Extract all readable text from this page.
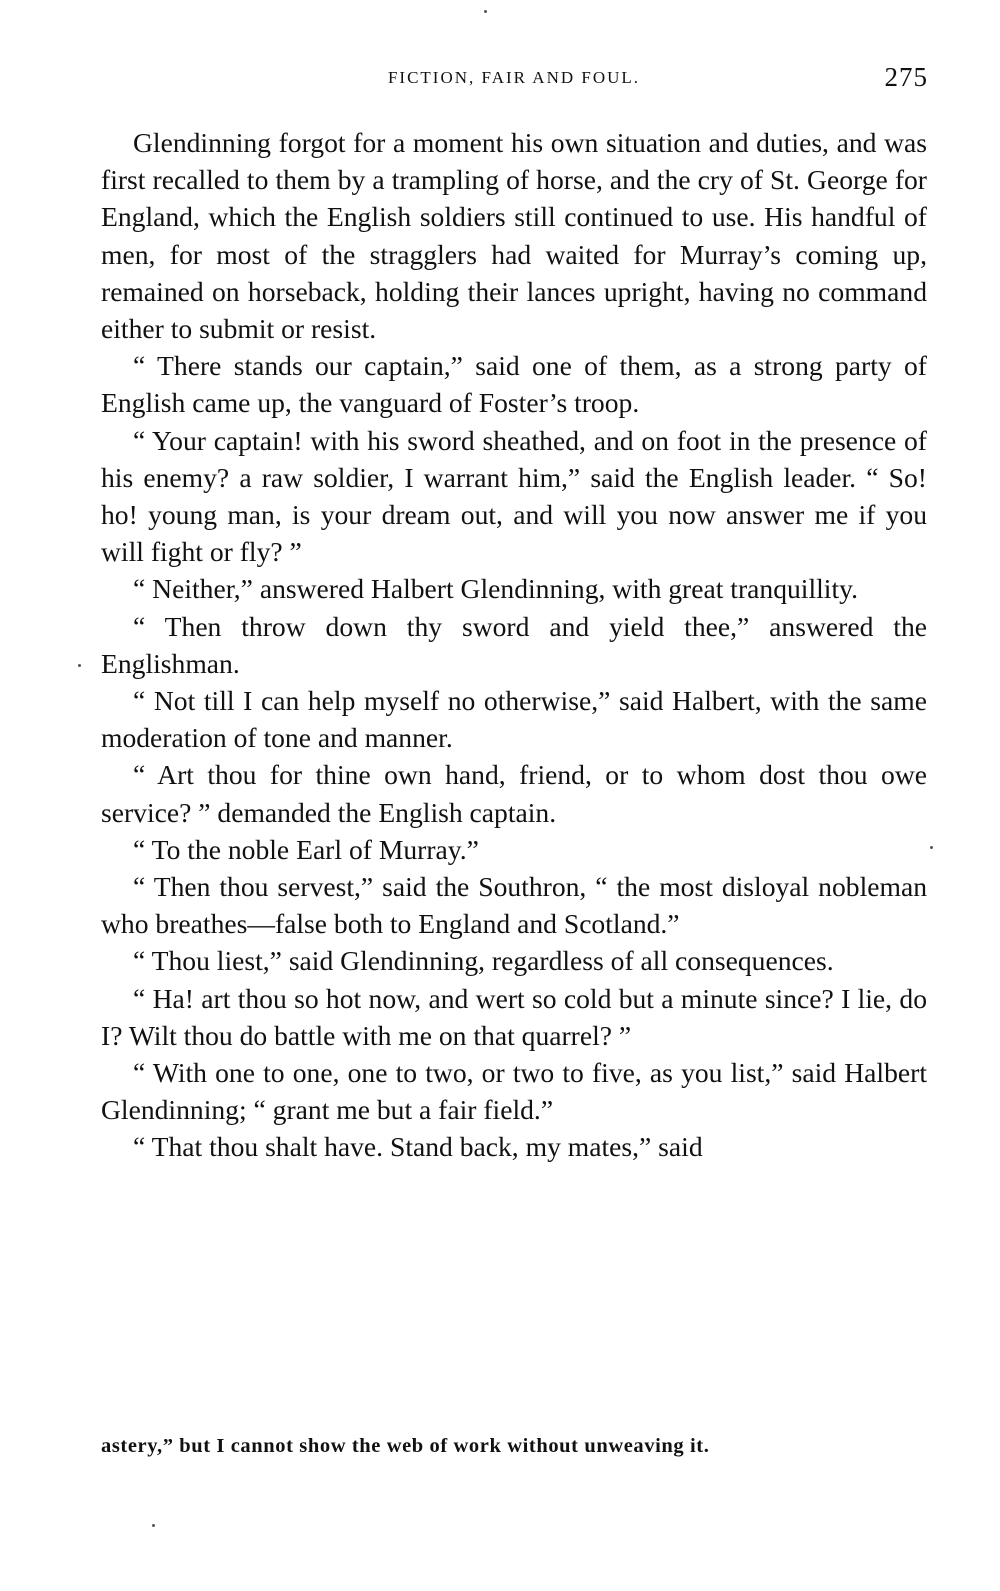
FICTION, FAIR AND FOUL.	275

Glendinning forgot for a moment his own situation and duties, and was first recalled to them by a trampling of horse, and the cry of St. George for England, which the English soldiers still continued to use. His handful of men, for most of the stragglers had waited for Murray’s coming up, remained on horseback, holding their lances upright, having no command either to submit or resist.

“ There stands our captain,” said one of them, as a strong party of English came up, the vanguard of Foster’s troop.

“ Your captain! with his sword sheathed, and on foot in the presence of his enemy? a raw soldier, I warrant him,” said the English leader. “ So! ho! young man, is your dream out, and will you now answer me if you will fight or fly? ”

“ Neither,” answered Halbert Glendinning, with great tranquillity.

“ Then throw down thy sword and yield thee,” answered the Englishman.

“ Not till I can help myself no otherwise,” said Halbert, with the same moderation of tone and manner.

“ Art thou for thine own hand, friend, or to whom dost thou owe service? ” demanded the English captain.

“ To the noble Earl of Murray.”

“ Then thou servest,” said the Southron, “ the most disloyal nobleman who breathes—false both to England and Scotland.”

“ Thou liest,” said Glendinning, regardless of all consequences.

“ Ha! art thou so hot now, and wert so cold but a minute since? I lie, do I? Wilt thou do battle with me on that quarrel? ”

“ With one to one, one to two, or two to five, as you list,” said Halbert Glendinning; “ grant me but a fair field.”

“ That thou shalt have. Stand back, my mates,” said

astery,” but I cannot show the web of work without unweaving it.
